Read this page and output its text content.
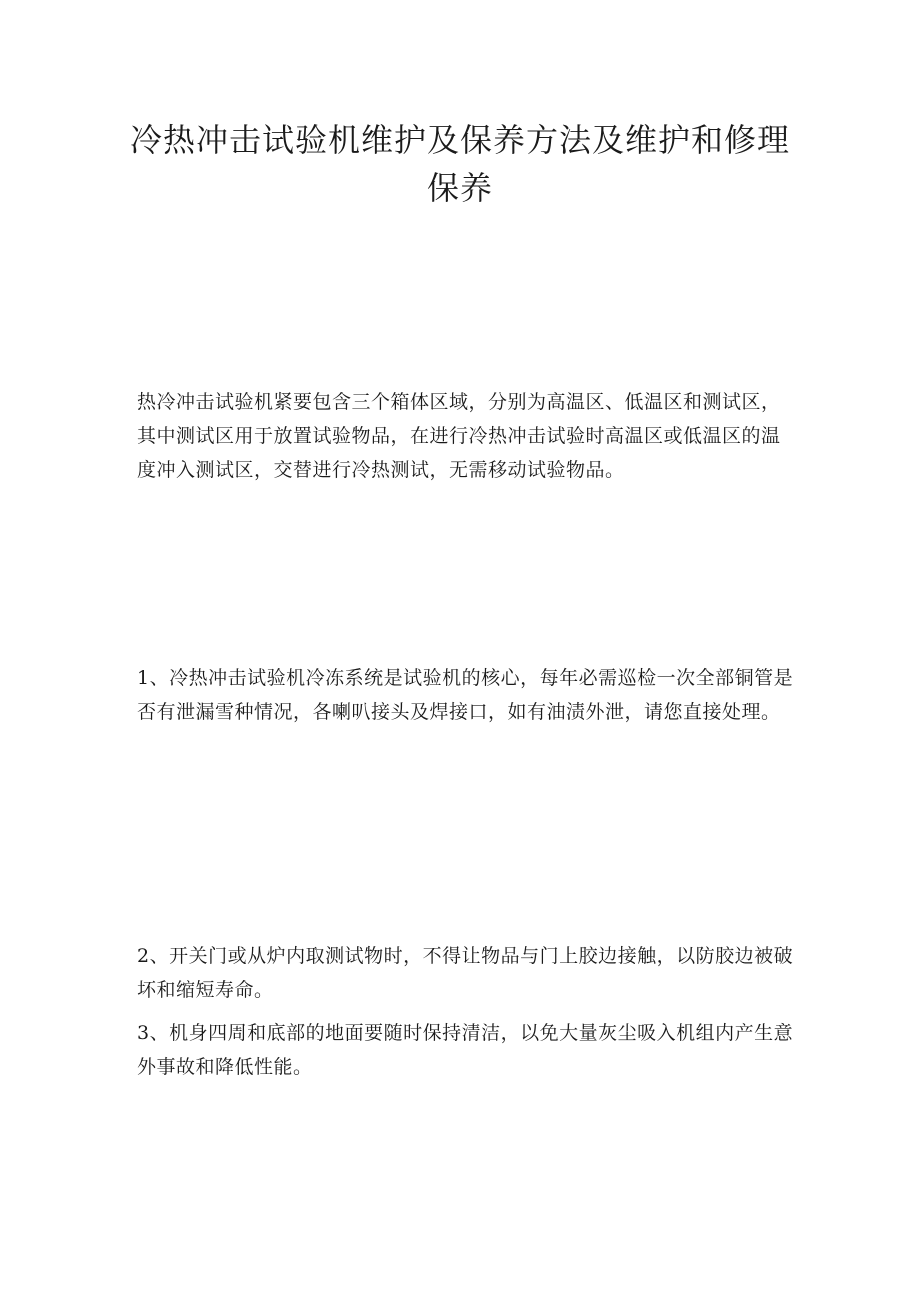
冷热冲击试验机维护及保养方法及维护和修理保养

热冷冲击试验机紧要包含三个箱体区域，分别为高温区、低温区和测试区，其中测试区用于放置试验物品，在进行冷热冲击试验时高温区或低温区的温度冲入测试区，交替进行冷热测试，无需移动试验物品。

1、冷热冲击试验机冷冻系统是试验机的核心，每年必需巡检一次全部铜管是否有泄漏雪种情况，各喇叭接头及焊接口，如有油渍外泄，请您直接处理。

2、开关门或从炉内取测试物时，不得让物品与门上胶边接触，以防胶边被破坏和缩短寿命。

3、机身四周和底部的地面要随时保持清洁，以免大量灰尘吸入机组内产生意外事故和降低性能。
